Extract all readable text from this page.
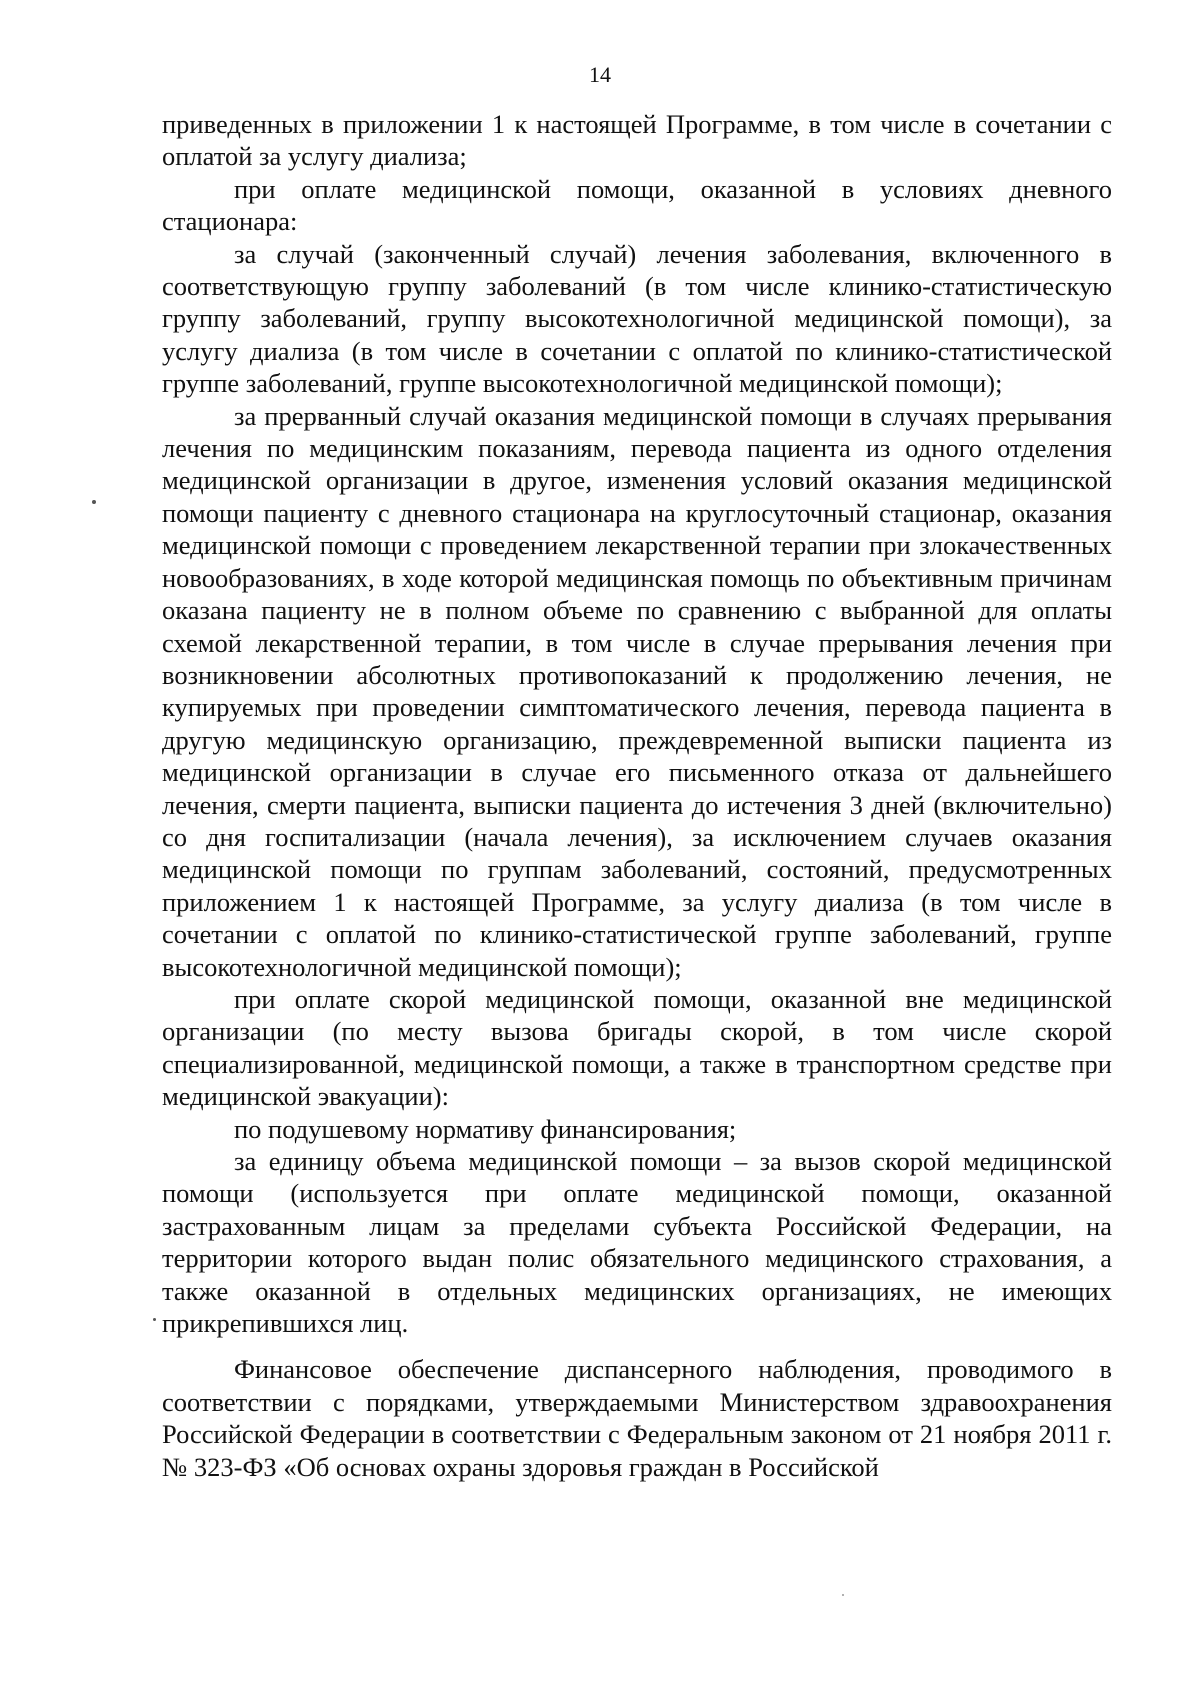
14

приведенных в приложении 1 к настоящей Программе, в том числе в сочетании с оплатой за услугу диализа;

при оплате медицинской помощи, оказанной в условиях дневного стационара:

за случай (законченный случай) лечения заболевания, включенного в соответствующую группу заболеваний (в том числе клинико-статистическую группу заболеваний, группу высокотехнологичной медицинской помощи), за услугу диализа (в том числе в сочетании с оплатой по клинико-статистической группе заболеваний, группе высокотехнологичной медицинской помощи);

за прерванный случай оказания медицинской помощи в случаях прерывания лечения по медицинским показаниям, перевода пациента из одного отделения медицинской организации в другое, изменения условий оказания медицинской помощи пациенту с дневного стационара на круглосуточный стационар, оказания медицинской помощи с проведением лекарственной терапии при злокачественных новообразованиях, в ходе которой медицинская помощь по объективным причинам оказана пациенту не в полном объеме по сравнению с выбранной для оплаты схемой лекарственной терапии, в том числе в случае прерывания лечения при возникновении абсолютных противопоказаний к продолжению лечения, не купируемых при проведении симптоматического лечения, перевода пациента в другую медицинскую организацию, преждевременной выписки пациента из медицинской организации в случае его письменного отказа от дальнейшего лечения, смерти пациента, выписки пациента до истечения 3 дней (включительно) со дня госпитализации (начала лечения), за исключением случаев оказания медицинской помощи по группам заболеваний, состояний, предусмотренных приложением 1 к настоящей Программе, за услугу диализа (в том числе в сочетании с оплатой по клинико-статистической группе заболеваний, группе высокотехнологичной медицинской помощи);

при оплате скорой медицинской помощи, оказанной вне медицинской организации (по месту вызова бригады скорой, в том числе скорой специализированной, медицинской помощи, а также в транспортном средстве при медицинской эвакуации):

по подушевому нормативу финансирования;

за единицу объема медицинской помощи – за вызов скорой медицинской помощи (используется при оплате медицинской помощи, оказанной застрахованным лицам за пределами субъекта Российской Федерации, на территории которого выдан полис обязательного медицинского страхования, а также оказанной в отдельных медицинских организациях, не имеющих прикрепившихся лиц.

Финансовое обеспечение диспансерного наблюдения, проводимого в соответствии с порядками, утверждаемыми Министерством здравоохранения Российской Федерации в соответствии с Федеральным законом от 21 ноября 2011 г. № 323-ФЗ «Об основах охраны здоровья граждан в Российской
